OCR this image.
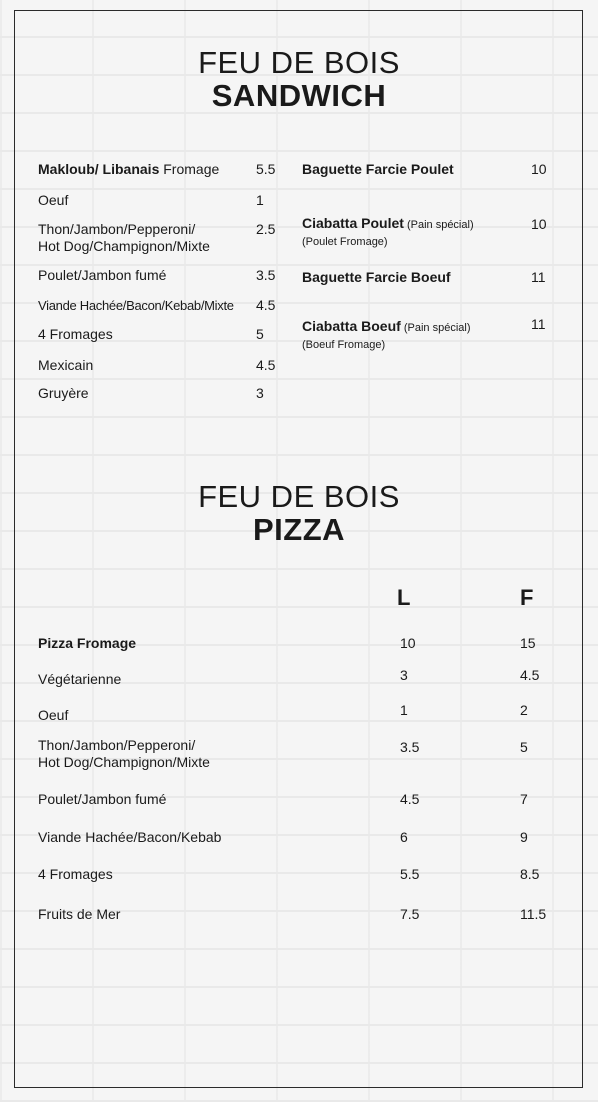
FEU DE BOIS
SANDWICH
Makloub/ Libanais Fromage	5.5
Oeuf	1
Thon/Jambon/Pepperoni/
Hot Dog/Champignon/Mixte
2.5
Poulet/Jambon fumé	3.5
Viande Hachée/Bacon/Kebab/Mixte 4.5
4 Fromages	5
Mexicain	4.5
Gruyère	3
Baguette Farcie Poulet	10
Ciabatta Poulet (Pain spécial)
(Poulet Fromage)
10
Baguette Farcie Boeuf	11
Ciabatta Boeuf (Pain spécial)
(Boeuf Fromage)
11
FEU DE BOIS
PIZZA
L	F
Pizza Fromage	10	15
Végétarienne	3	4.5
Oeuf	1	2
Thon/Jambon/Pepperoni/
Hot Dog/Champignon/Mixte
3.5	5
Poulet/Jambon fumé	4.5	7
Viande Hachée/Bacon/Kebab	6	9
4 Fromages	5.5	8.5
Fruits de Mer	7.5	11.5
